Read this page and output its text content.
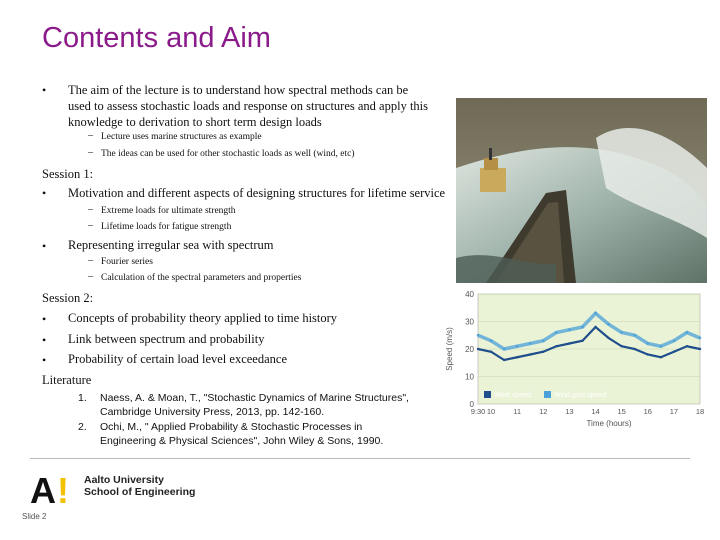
Contents and Aim
• The aim of the lecture is to understand how spectral methods can be used to assess stochastic loads and response on structures and apply this knowledge to derivation to short term design loads
– Lecture uses marine structures as example
– The ideas can be used for other stochastic loads as well (wind, etc)
Session 1:
• Motivation and different aspects of designing structures for lifetime service
– Extreme loads for ultimate strength
– Lifetime loads for fatigue strength
• Representing irregular sea with spectrum
– Fourier series
– Calculation of the spectral parameters and properties
Session 2:
• Concepts of probability theory applied to time history
• Link between spectrum and probability
• Probability of certain load level exceedance
Literature
1. Naess, A. & Moan, T., "Stochastic Dynamics of Marine Structures",
Cambridge University Press, 2013, pp. 142-160.
2. Ochi, M., " Applied Probability & Stochastic Processes in
Engineering & Physical Sciences", John Wiley & Sons, 1990.
0
10
20
30
40
9:30 10 11 12 13 14 15 16 17 18
Speed (m/s)
Time (hours)
Wind speed	Wind gust speed
A ! Aalto University
School of Engineering
Slide 2
